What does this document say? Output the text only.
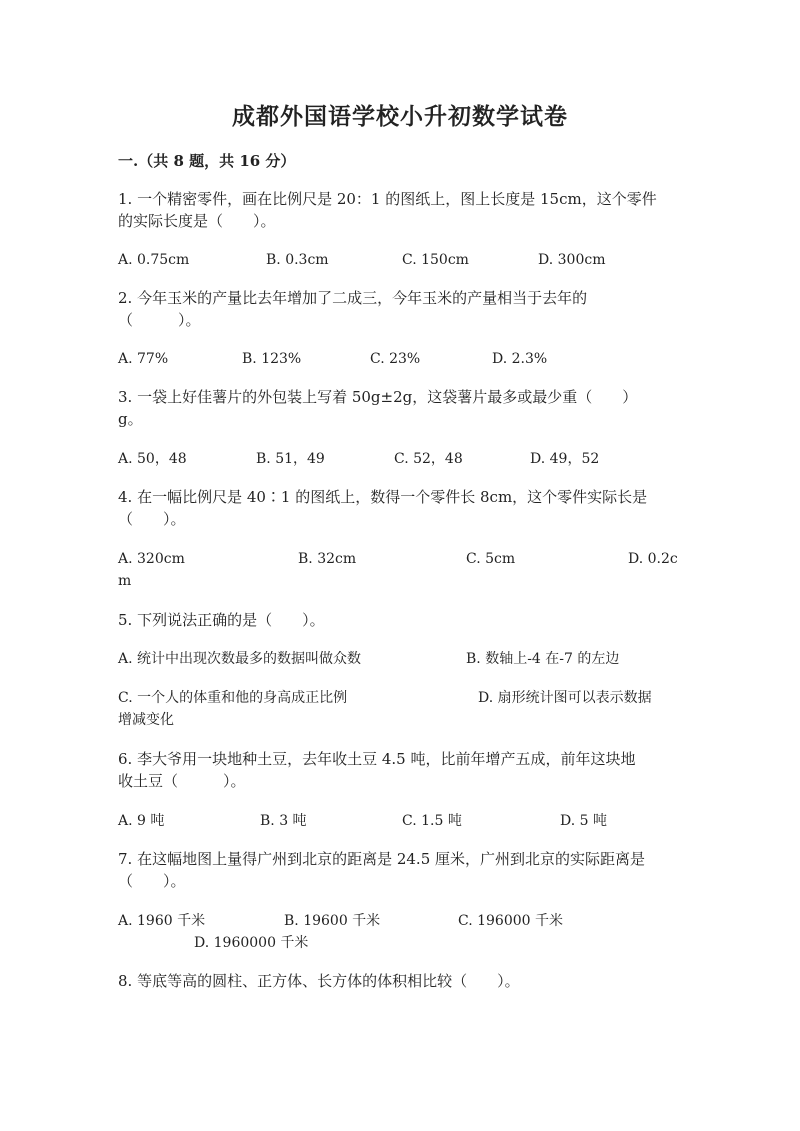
成都外国语学校小升初数学试卷
一.（共 8 题，共 16 分）
1. 一个精密零件，画在比例尺是 20：1 的图纸上，图上长度是 15cm，这个零件
的实际长度是（　　）。
A. 0.75cm	B. 0.3cm	C. 150cm	D. 300cm
2. 今年玉米的产量比去年增加了二成三，今年玉米的产量相当于去年的
（　　　）。
A. 77%	B. 123%	C. 23%	D. 2.3%
3. 一袋上好佳薯片的外包装上写着 50g±2g，这袋薯片最多或最少重（　　）
g。
A. 50，48	B. 51，49	C. 52，48	D. 49，52
4. 在一幅比例尺是 40∶1 的图纸上，数得一个零件长 8cm，这个零件实际长是
（　　）。
A. 320cm	B. 32cm	C. 5cm	D. 0.2c
m
5. 下列说法正确的是（　　）。
A. 统计中出现次数最多的数据叫做众数	B. 数轴上-4 在-7 的左边
C. 一个人的体重和他的身高成正比例	D. 扇形统计图可以表示数据
增减变化
6. 李大爷用一块地种土豆，去年收土豆 4.5 吨，比前年增产五成，前年这块地
收土豆（　　　）。
A. 9 吨	B. 3 吨	C. 1.5 吨	D. 5 吨
7. 在这幅地图上量得广州到北京的距离是 24.5 厘米，广州到北京的实际距离是
（　　）。
A. 1960 千米	B. 19600 千米	C. 196000 千米
D. 1960000 千米
8. 等底等高的圆柱、正方体、长方体的体积相比较（　　）。
